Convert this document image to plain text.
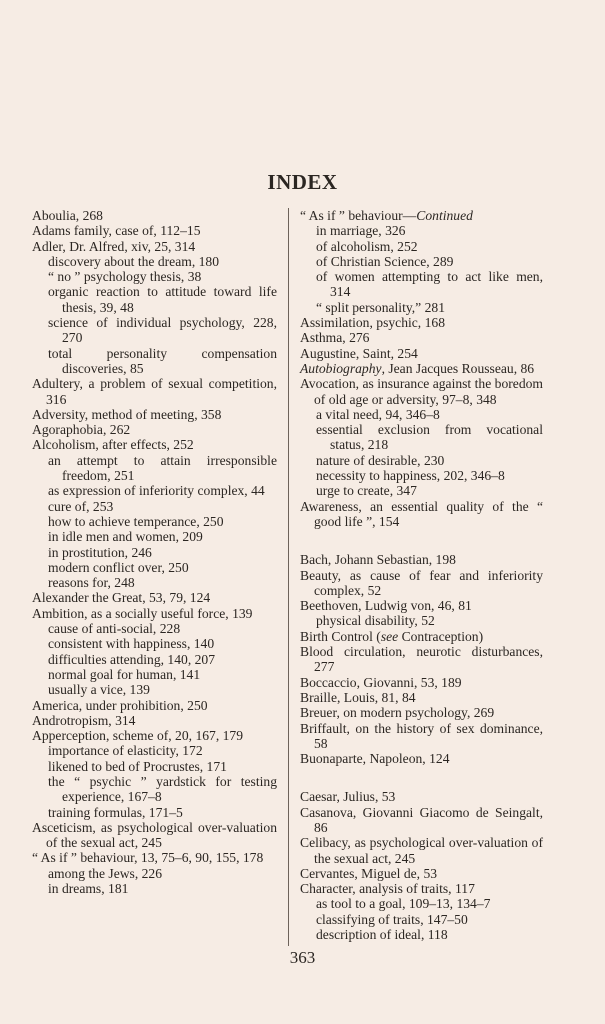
INDEX
Aboulia, 268
Adams family, case of, 112–15
Adler, Dr. Alfred, xiv, 25, 314
discovery about the dream, 180
“ no ” psychology thesis, 38
organic reaction to attitude toward life thesis, 39, 48
science of individual psychology, 228, 270
total personality compensation discoveries, 85
Adultery, a problem of sexual competition, 316
Adversity, method of meeting, 358
Agoraphobia, 262
Alcoholism, after effects, 252
an attempt to attain irresponsible freedom, 251
as expression of inferiority complex, 44
cure of, 253
how to achieve temperance, 250
in idle men and women, 209
in prostitution, 246
modern conflict over, 250
reasons for, 248
Alexander the Great, 53, 79, 124
Ambition, as a socially useful force, 139
cause of anti-social, 228
consistent with happiness, 140
difficulties attending, 140, 207
normal goal for human, 141
usually a vice, 139
America, under prohibition, 250
Androtropism, 314
Apperception, scheme of, 20, 167, 179
importance of elasticity, 172
likened to bed of Procrustes, 171
the “ psychic ” yardstick for testing experience, 167–8
training formulas, 171–5
Asceticism, as psychological over-valuation of the sexual act, 245
“ As if ” behaviour, 13, 75–6, 90, 155, 178
among the Jews, 226
in dreams, 181
“ As if ” behaviour—Continued
in marriage, 326
of alcoholism, 252
of Christian Science, 289
of women attempting to act like men, 314
“ split personality,” 281
Assimilation, psychic, 168
Asthma, 276
Augustine, Saint, 254
Autobiography, Jean Jacques Rousseau, 86
Avocation, as insurance against the boredom of old age or adversity, 97–8, 348
a vital need, 94, 346–8
essential exclusion from vocational status, 218
nature of desirable, 230
necessity to happiness, 202, 346–8
urge to create, 347
Awareness, an essential quality of the “ good life ”, 154
Bach, Johann Sebastian, 198
Beauty, as cause of fear and inferiority complex, 52
Beethoven, Ludwig von, 46, 81
physical disability, 52
Birth Control (see Contraception)
Blood circulation, neurotic disturbances, 277
Boccaccio, Giovanni, 53, 189
Braille, Louis, 81, 84
Breuer, on modern psychology, 269
Briffault, on the history of sex dominance, 58
Buonaparte, Napoleon, 124
Caesar, Julius, 53
Casanova, Giovanni Giacomo de Seingalt, 86
Celibacy, as psychological over-valuation of the sexual act, 245
Cervantes, Miguel de, 53
Character, analysis of traits, 117
as tool to a goal, 109–13, 134–7
classifying of traits, 147–50
description of ideal, 118
363
